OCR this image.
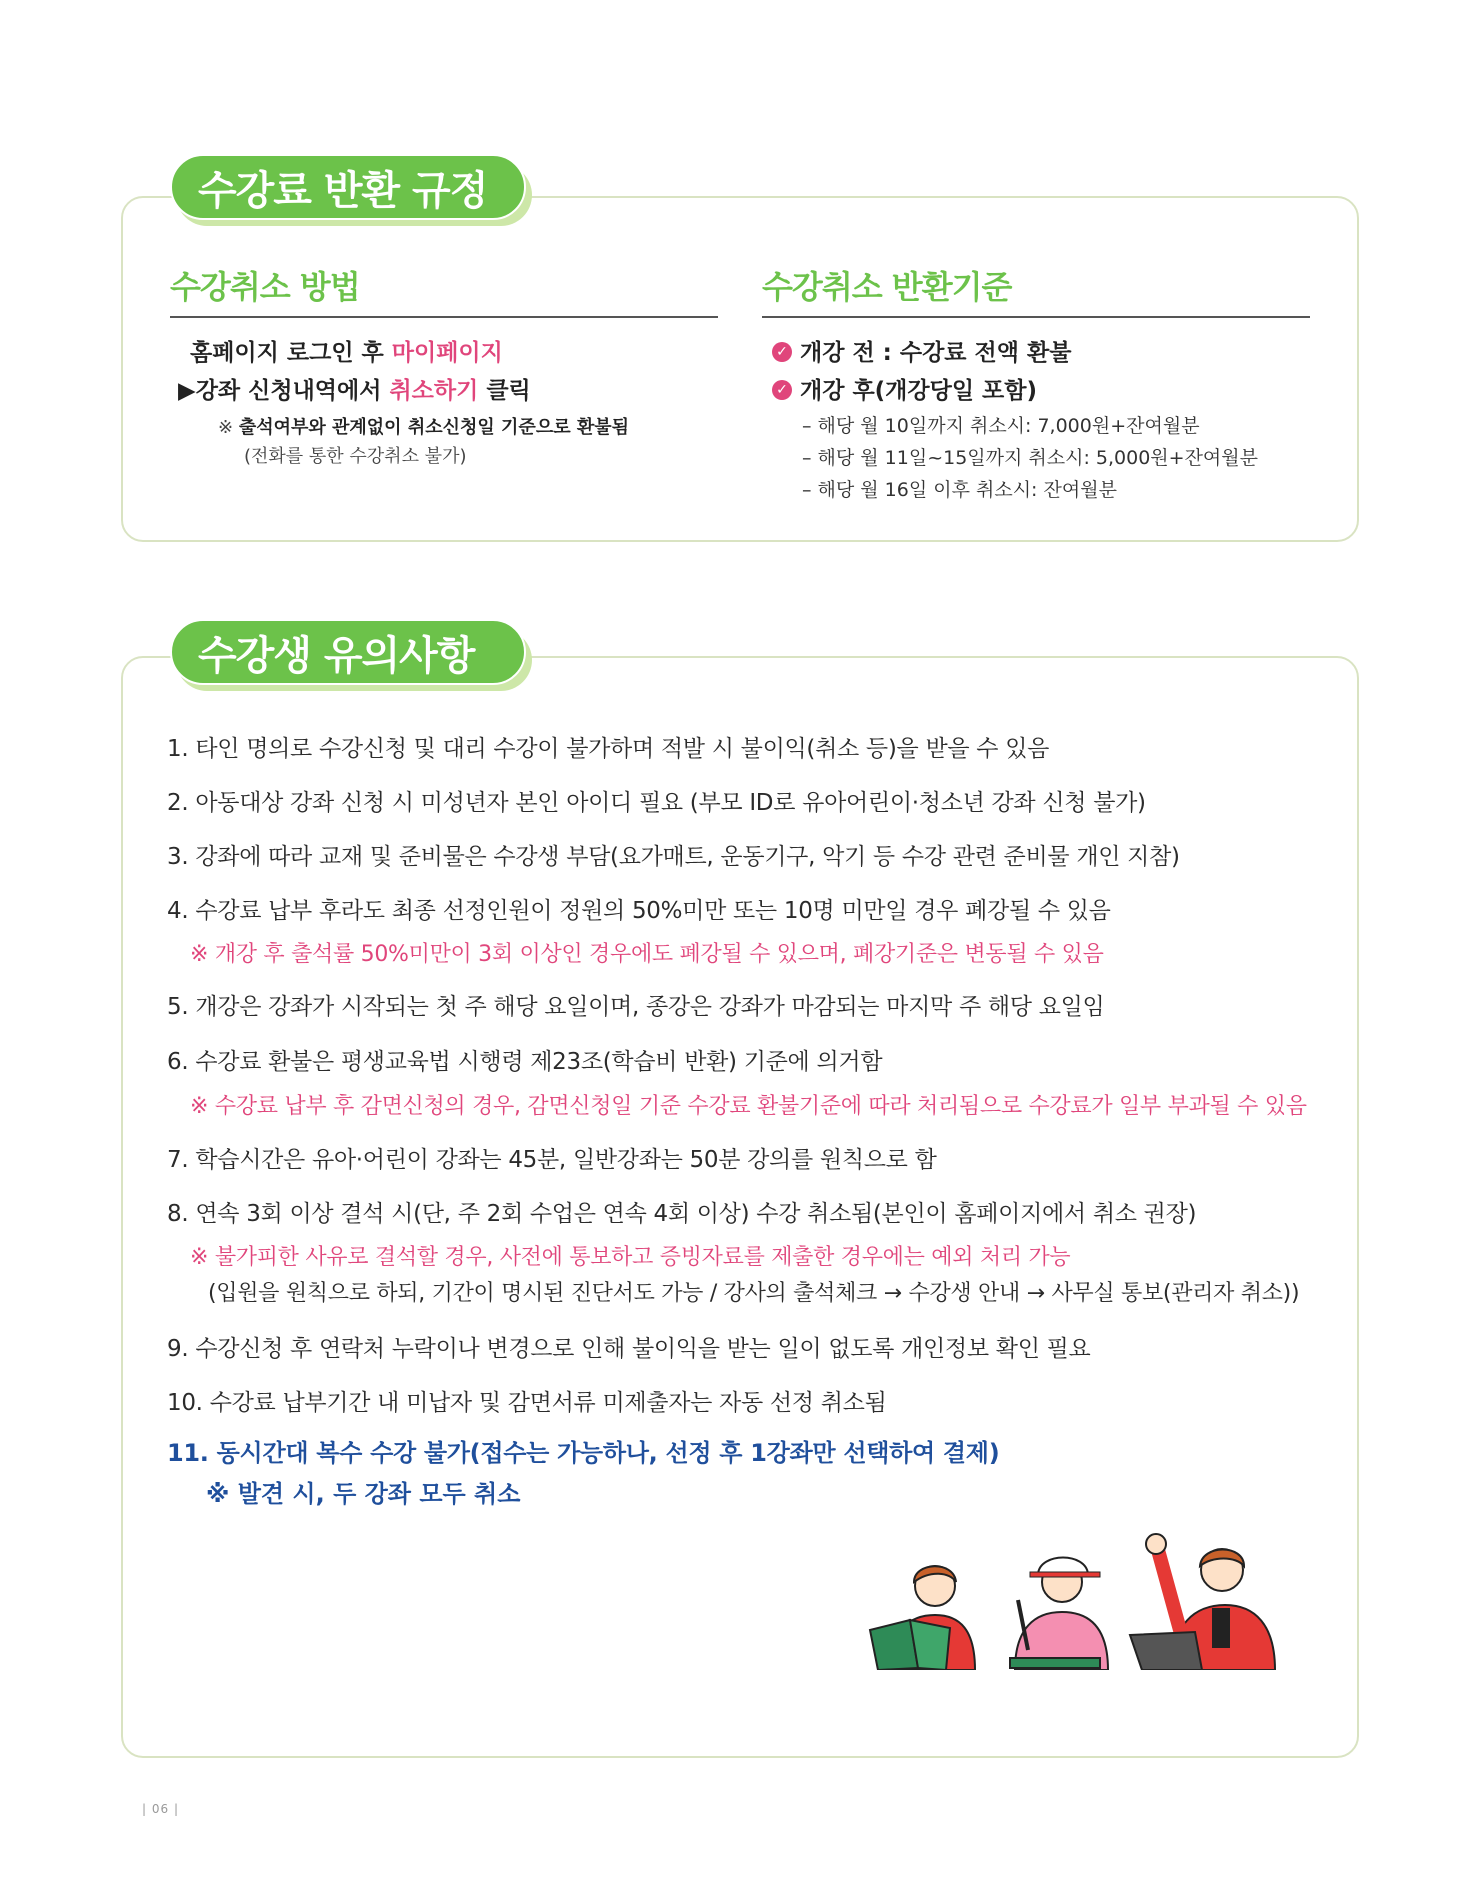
수강료 반환 규정
수강취소 방법	수강취소 반환기준
홈페이지 로그인 후 마이페이지
▶강좌 신청내역에서 취소하기 클릭
※ 출석여부와 관계없이 취소신청일 기준으로 환불됨
(전화를 통한 수강취소 불가)
✓ 개강 전 : 수강료 전액 환불
✓ 개강 후(개강당일 포함)
– 해당 월 10일까지 취소시: 7,000원+잔여월분
– 해당 월 11일~15일까지 취소시: 5,000원+잔여월분
– 해당 월 16일 이후 취소시: 잔여월분
수강생 유의사항
1. 타인 명의로 수강신청 및 대리 수강이 불가하며 적발 시 불이익(취소 등)을 받을 수 있음
2. 아동대상 강좌 신청 시 미성년자 본인 아이디 필요 (부모 ID로 유아어린이·청소년 강좌 신청 불가)
3. 강좌에 따라 교재 및 준비물은 수강생 부담(요가매트, 운동기구, 악기 등 수강 관련 준비물 개인 지참)
4. 수강료 납부 후라도 최종 선정인원이 정원의 50%미만 또는 10명 미만일 경우 폐강될 수 있음
※ 개강 후 출석률 50%미만이 3회 이상인 경우에도 폐강될 수 있으며, 폐강기준은 변동될 수 있음
5. 개강은 강좌가 시작되는 첫 주 해당 요일이며, 종강은 강좌가 마감되는 마지막 주 해당 요일임
6. 수강료 환불은 평생교육법 시행령 제23조(학습비 반환) 기준에 의거함
※ 수강료 납부 후 감면신청의 경우, 감면신청일 기준 수강료 환불기준에 따라 처리됨으로 수강료가 일부 부과될 수 있음
7. 학습시간은 유아·어린이 강좌는 45분, 일반강좌는 50분 강의를 원칙으로 함
8. 연속 3회 이상 결석 시(단, 주 2회 수업은 연속 4회 이상) 수강 취소됨(본인이 홈페이지에서 취소 권장)
※ 불가피한 사유로 결석할 경우, 사전에 통보하고 증빙자료를 제출한 경우에는 예외 처리 가능
(입원을 원칙으로 하되, 기간이 명시된 진단서도 가능 / 강사의 출석체크 → 수강생 안내 → 사무실 통보(관리자 취소))
9. 수강신청 후 연락처 누락이나 변경으로 인해 불이익을 받는 일이 없도록 개인정보 확인 필요
10. 수강료 납부기간 내 미납자 및 감면서류 미제출자는 자동 선정 취소됨
11. 동시간대 복수 수강 불가(접수는 가능하나, 선정 후 1강좌만 선택하여 결제)
※ 발견 시, 두 강좌 모두 취소
| 06 |
